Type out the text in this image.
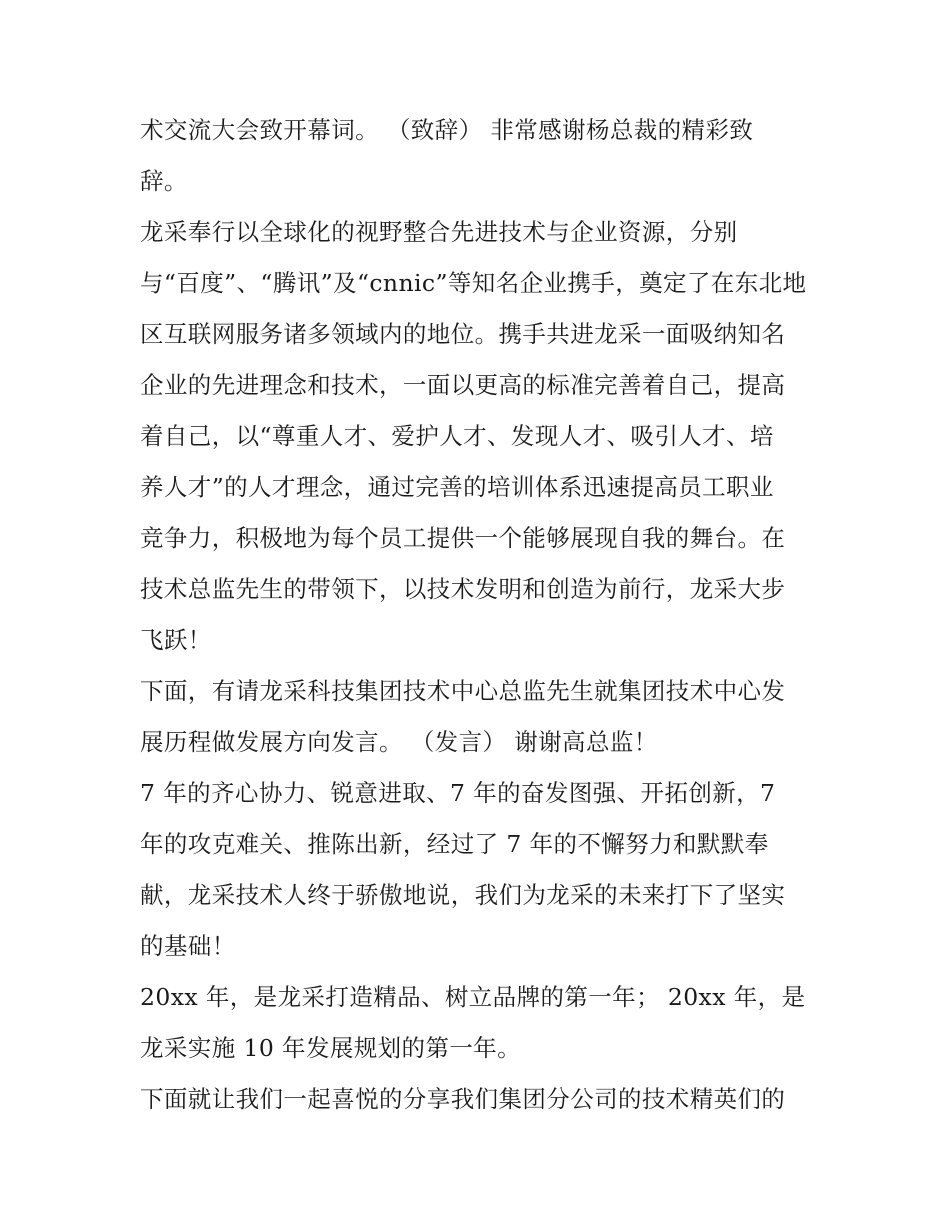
术交流大会致开幕词。 （致辞） 非常感谢杨总裁的精彩致
辞。
龙采奉行以全球化的视野整合先进技术与企业资源，分别
与“百度”、“腾讯”及“cnnic”等知名企业携手，奠定了在东北地
区互联网服务诸多领域内的地位。携手共进龙采一面吸纳知名
企业的先进理念和技术，一面以更高的标准完善着自己，提高
着自己，以“尊重人才、爱护人才、发现人才、吸引人才、培
养人才”的人才理念，通过完善的培训体系迅速提高员工职业
竞争力，积极地为每个员工提供一个能够展现自我的舞台。在
技术总监先生的带领下，以技术发明和创造为前行，龙采大步
飞跃！
下面，有请龙采科技集团技术中心总监先生就集团技术中心发
展历程做发展方向发言。 （发言） 谢谢高总监！
7 年的齐心协力、锐意进取、7 年的奋发图强、开拓创新，7
年的攻克难关、推陈出新，经过了 7 年的不懈努力和默默奉
献，龙采技术人终于骄傲地说，我们为龙采的未来打下了坚实
的基础！
20xx 年，是龙采打造精品、树立品牌的第一年； 20xx 年，是
龙采实施 10 年发展规划的第一年。
下面就让我们一起喜悦的分享我们集团分公司的技术精英们的
